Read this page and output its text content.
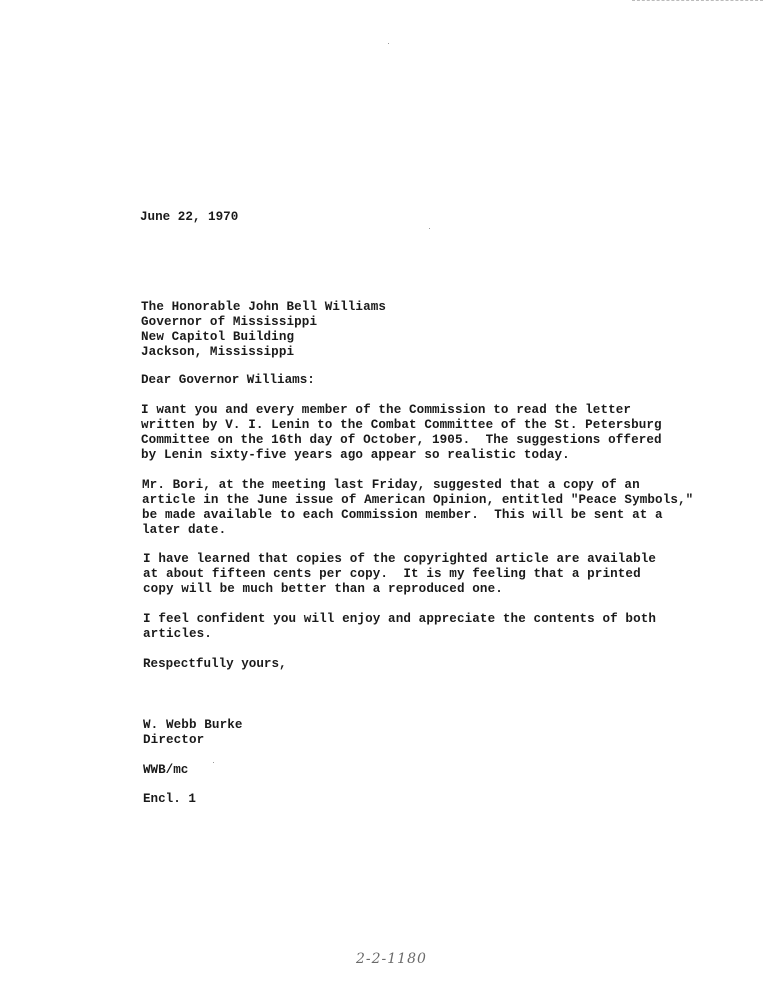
June 22, 1970
The Honorable John Bell Williams
Governor of Mississippi
New Capitol Building
Jackson, Mississippi
Dear Governor Williams:
I want you and every member of the Commission to read the letter
written by V. I. Lenin to the Combat Committee of the St. Petersburg
Committee on the 16th day of October, 1905.  The suggestions offered
by Lenin sixty-five years ago appear so realistic today.
Mr. Bori, at the meeting last Friday, suggested that a copy of an
article in the June issue of American Opinion, entitled "Peace Symbols,"
be made available to each Commission member.  This will be sent at a
later date.
I have learned that copies of the copyrighted article are available
at about fifteen cents per copy.  It is my feeling that a printed
copy will be much better than a reproduced one.
I feel confident you will enjoy and appreciate the contents of both
articles.
Respectfully yours,
W. Webb Burke
Director
WWB/mc
Encl. 1
2-2-1180
